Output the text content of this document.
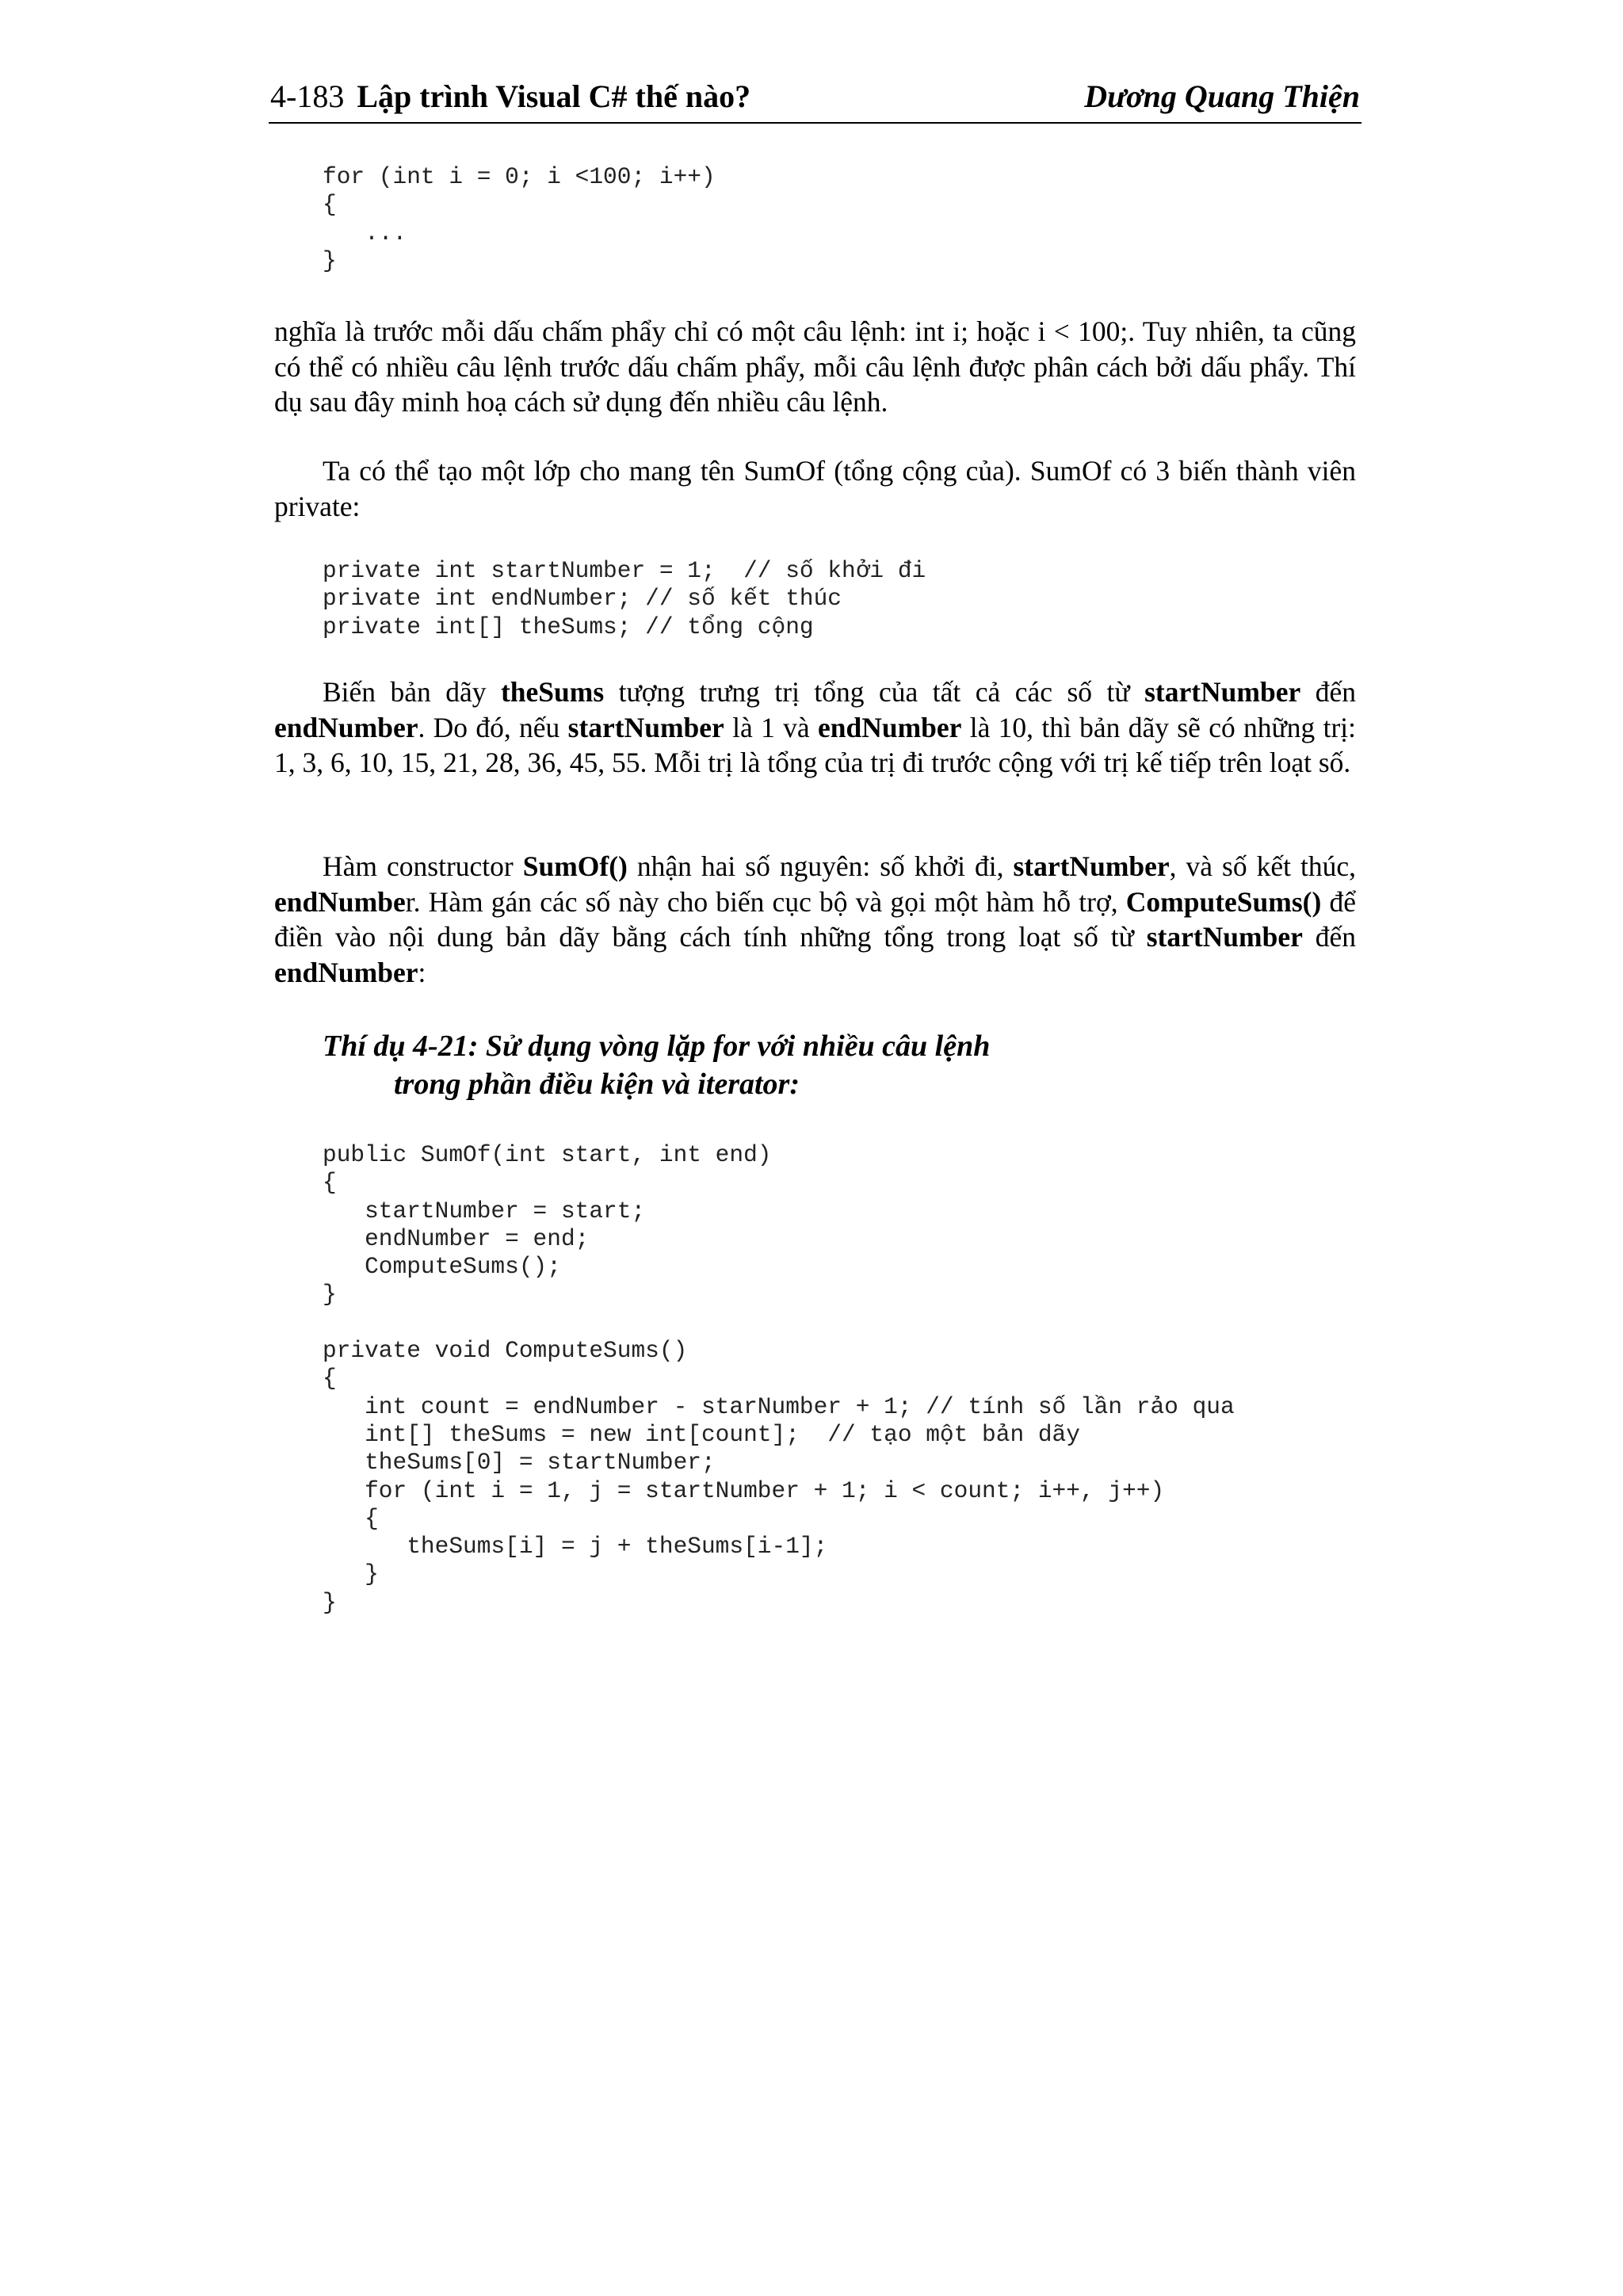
4-183 Lập trình Visual C# thế nào?	Dương Quang Thiện
for (int i = 0; i <100; i++)
{
...
}

nghĩa là trước mỗi dấu chấm phẩy chỉ có một câu lệnh: int i; hoặc i < 100;. Tuy nhiên, ta cũng có thể có nhiều câu lệnh trước dấu chấm phẩy, mỗi câu lệnh được phân cách bởi dấu phẩy. Thí dụ sau đây minh hoạ cách sử dụng đến nhiều câu lệnh.

Ta có thể tạo một lớp cho mang tên SumOf (tổng cộng của). SumOf có 3 biến thành viên private:

private int startNumber = 1;  // số khởi đi
private int endNumber; // số kết thúc
private int[] theSums; // tổng cộng

Biến bản dãy theSums tượng trưng trị tổng của tất cả các số từ startNumber đến endNumber. Do đó, nếu startNumber là 1 và endNumber là 10, thì bản dãy sẽ có những trị: 1, 3, 6, 10, 15, 21, 28, 36, 45, 55. Mỗi trị là tổng của trị đi trước cộng với trị kế tiếp trên loạt số.

Hàm constructor SumOf() nhận hai số nguyên: số khởi đi, startNumber, và số kết thúc, endNumber. Hàm gán các số này cho biến cục bộ và gọi một hàm hỗ trợ, ComputeSums() để điền vào nội dung bản dãy bằng cách tính những tổng trong loạt số từ startNumber đến endNumber:

Thí dụ 4-21: Sử dụng vòng lặp for với nhiều câu lệnh
trong phần điều kiện và iterator:
public SumOf(int start, int end)
{
startNumber = start;
endNumber = end;
ComputeSums();
}

private void ComputeSums()
{
int count = endNumber - starNumber + 1; // tính số lần rảo qua
int[] theSums = new int[count];  // tạo một bản dãy
theSums[0] = startNumber;
for (int i = 1, j = startNumber + 1; i < count; i++, j++)
{
theSums[i] = j + theSums[i-1];
}
}
